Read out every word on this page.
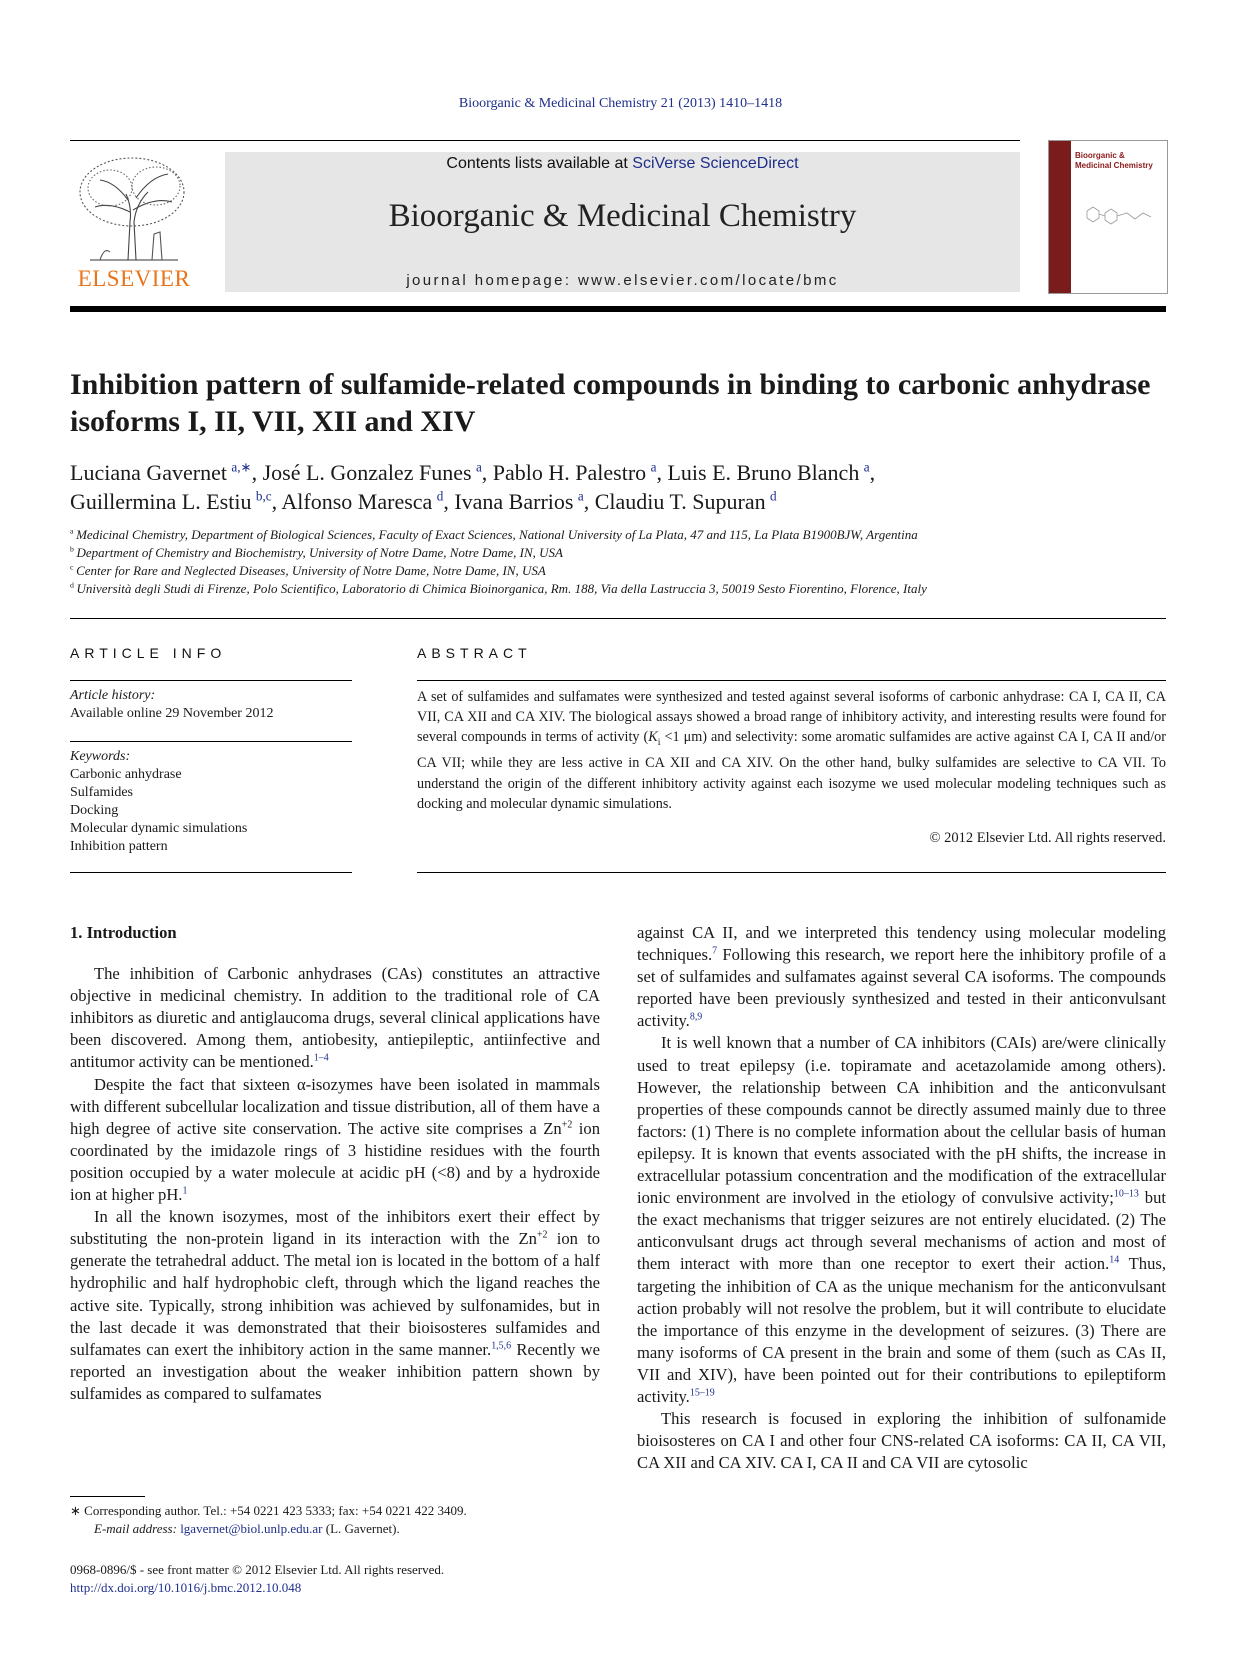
Bioorganic & Medicinal Chemistry 21 (2013) 1410–1418
ELSEVIER
Contents lists available at SciVerse ScienceDirect
Bioorganic & Medicinal Chemistry
journal homepage: www.elsevier.com/locate/bmc
Bioorganic & Medicinal Chemistry
Inhibition pattern of sulfamide-related compounds in binding to carbonic anhydrase isoforms I, II, VII, XII and XIV
Luciana Gavernet  $^{a,∗}$, José L. Gonzalez Funes  $^a$, Pablo H. Palestro  $^a$, Luis E. Bruno Blanch  $^a$,
Guillermina L. Estiu  $^{b,c}$, Alfonso Maresca  $^d$, Ivana Barrios  $^a$, Claudiu T. Supuran  $^d$
$^a$  Medicinal Chemistry, Department of Biological Sciences, Faculty of Exact Sciences, National University of La Plata, 47 and 115, La Plata B1900BJW, Argentina
$^b$  Department of Chemistry and Biochemistry, University of Notre Dame, Notre Dame, IN, USA
$^c$  Center for Rare and Neglected Diseases, University of Notre Dame, Notre Dame, IN, USA
$^d$  Università degli Studi di Firenze, Polo Scientifico, Laboratorio di Chimica Bioinorganica, Rm. 188, Via della Lastruccia 3, 50019 Sesto Fiorentino, Florence, Italy
ARTICLE INFO	ABSTRACT
Article history:
Available online 29 November 2012
Keywords:
Carbonic anhydrase
Sulfamides
Docking
Molecular dynamic simulations
Inhibition pattern
A set of sulfamides and sulfamates were synthesized and tested against several isoforms of carbonic anhydrase: CA I, CA II, CA VII, CA XII and CA XIV. The biological assays showed a broad range of inhibitory activity, and interesting results were found for several compounds in terms of activity ($K_i <1$ μm) and selectivity: some aromatic sulfamides are active against CA I, CA II and/or CA VII; while they are less active in CA XII and CA XIV. On the other hand, bulky sulfamides are selective to CA VII. To understand the origin of the different inhibitory activity against each isozyme we used molecular modeling techniques such as docking and molecular dynamic simulations.
© 2012 Elsevier Ltd. All rights reserved.
1. Introduction

The inhibition of Carbonic anhydrases (CAs) constitutes an attractive objective in medicinal chemistry. In addition to the traditional role of CA inhibitors as diuretic and antiglaucoma drugs, several clinical applications have been discovered. Among them, antiobesity, antiepileptic, antiinfective and antitumor activity can be mentioned.$^{1-4}$

Despite the fact that sixteen α-isozymes have been isolated in mammals with different subcellular localization and tissue distribution, all of them have a high degree of active site conservation. The active site comprises a $Zn^{+2}$ ion coordinated by the imidazole rings of 3 histidine residues with the fourth position occupied by a water molecule at acidic pH (<8) and by a hydroxide ion at higher pH.$^1$

In all the known isozymes, most of the inhibitors exert their effect by substituting the non-protein ligand in its interaction with the $Zn^{+2}$ ion to generate the tetrahedral adduct. The metal ion is located in the bottom of a half hydrophilic and half hydrophobic cleft, through which the ligand reaches the active site. Typically, strong inhibition was achieved by sulfonamides, but in the last decade it was demonstrated that their bioisosteres sulfamides and sulfamates can exert the inhibitory action in the same manner.$^{1,5,6}$ Recently we reported an investigation about the weaker inhibition pattern shown by sulfamides as compared to sulfamates

against CA II, and we interpreted this tendency using molecular modeling techniques.$^7$ Following this research, we report here the inhibitory profile of a set of sulfamides and sulfamates against several CA isoforms. The compounds reported have been previously synthesized and tested in their anticonvulsant activity.$^{8,9}$

It is well known that a number of CA inhibitors (CAIs) are/were clinically used to treat epilepsy (i.e. topiramate and acetazolamide among others). However, the relationship between CA inhibition and the anticonvulsant properties of these compounds cannot be directly assumed mainly due to three factors: (1) There is no complete information about the cellular basis of human epilepsy. It is known that events associated with the pH shifts, the increase in extracellular potassium concentration and the modification of the extracellular ionic environment are involved in the etiology of convulsive activity;$^{10-13}$ but the exact mechanisms that trigger seizures are not entirely elucidated. (2) The anticonvulsant drugs act through several mechanisms of action and most of them interact with more than one receptor to exert their action.$^{14}$ Thus, targeting the inhibition of CA as the unique mechanism for the anticonvulsant action probably will not resolve the problem, but it will contribute to elucidate the importance of this enzyme in the development of seizures. (3) There are many isoforms of CA present in the brain and some of them (such as CAs II, VII and XIV), have been pointed out for their contributions to epileptiform activity.$^{15-19}$

This research is focused in exploring the inhibition of sulfonamide bioisosteres on CA I and other four CNS-related CA isoforms: CA II, CA VII, CA XII and CA XIV. CA I, CA II and CA VII are cytosolic

∗ Corresponding author. Tel.: +54 0221 423 5333; fax: +54 0221 422 3409.
E-mail address: lgavernet@biol.unlp.edu.ar (L. Gavernet).
0968-0896/$ - see front matter © 2012 Elsevier Ltd. All rights reserved.
http://dx.doi.org/10.1016/j.bmc.2012.10.048
